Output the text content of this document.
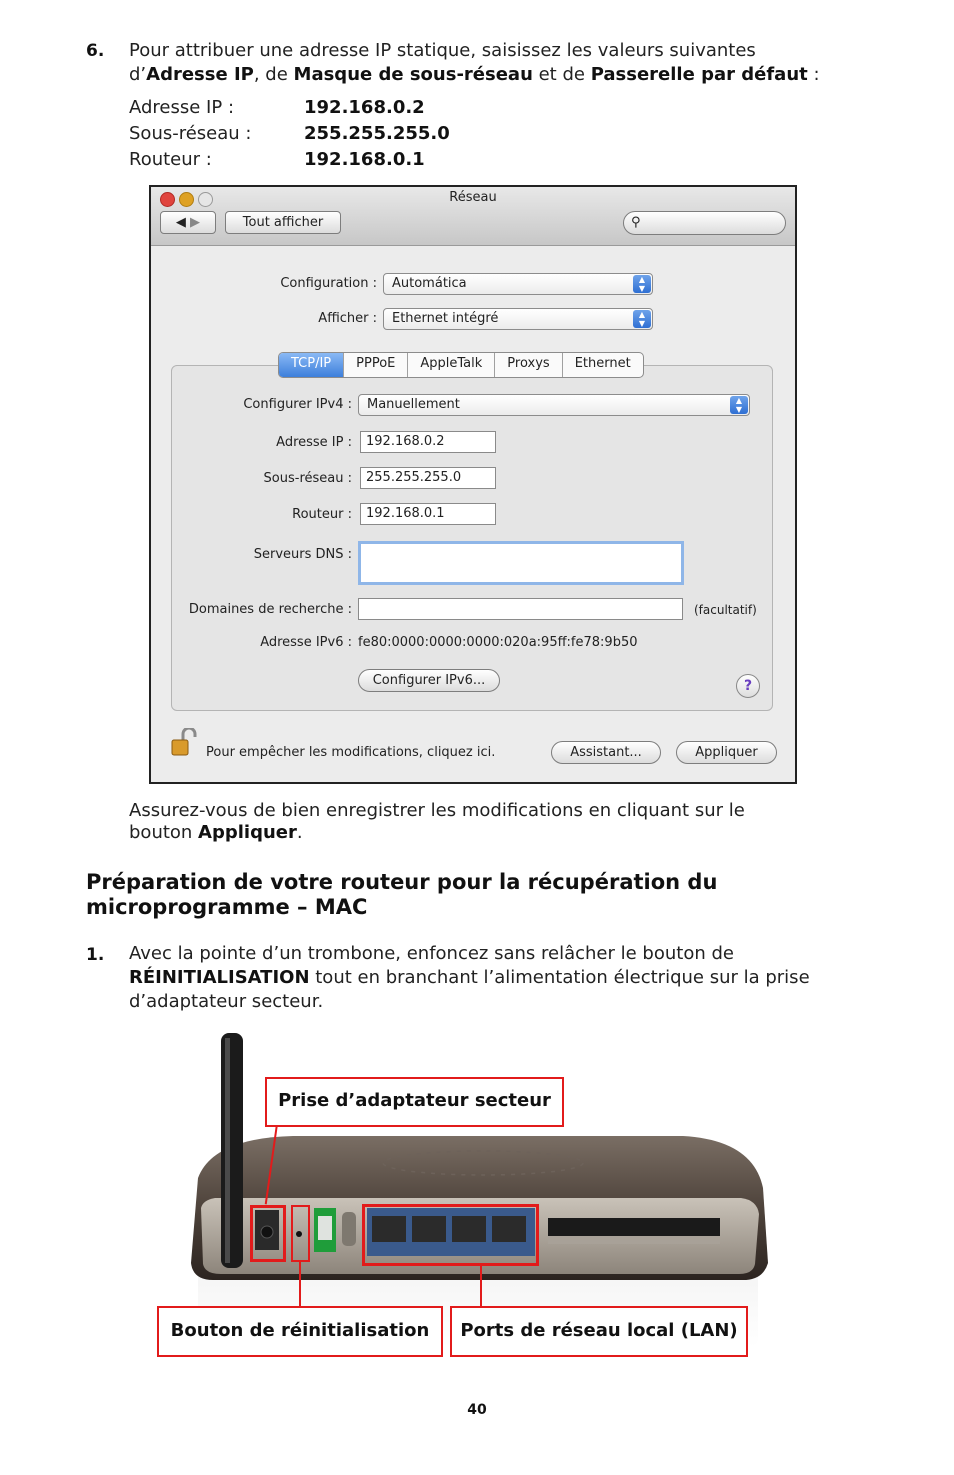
6. Pour attribuer une adresse IP statique, saisissez les valeurs suivantes
d’Adresse IP, de Masque de sous-réseau et de Passerelle par défaut :
Adresse IP :	192.168.0.2
Sous-réseau :	255.255.255.0
Routeur :	192.168.0.1
Réseau
◀ ▶	Tout afficher	⚲
Configuration :	Automática	▲
▼
Afficher :	Ethernet intégré	▲
▼
TCP/IP	PPPoE	AppleTalk	Proxys	Ethernet
Configurer IPv4 :	Manuellement	▲
▼
Adresse IP :	192.168.0.2
Sous-réseau :	255.255.255.0
Routeur :	192.168.0.1
Serveurs DNS :
Domaines de recherche :	(facultatif)
Adresse IPv6 : fe80:0000:0000:0000:020a:95ff:fe78:9b50
Configurer IPv6...	?
Pour empêcher les modifications, cliquez ici.	Assistant...	Appliquer
Assurez-vous de bien enregistrer les modifications en cliquant sur le
bouton Appliquer.
Préparation de votre routeur pour la récupération du
microprogramme – MAC
1. Avec la pointe d’un trombone, enfoncez sans relâcher le bouton de
RÉINITIALISATION tout en branchant l’alimentation électrique sur la prise
d’adaptateur secteur.
Prise d’adaptateur secteur
Bouton de réinitialisation	Ports de réseau local (LAN)
40
